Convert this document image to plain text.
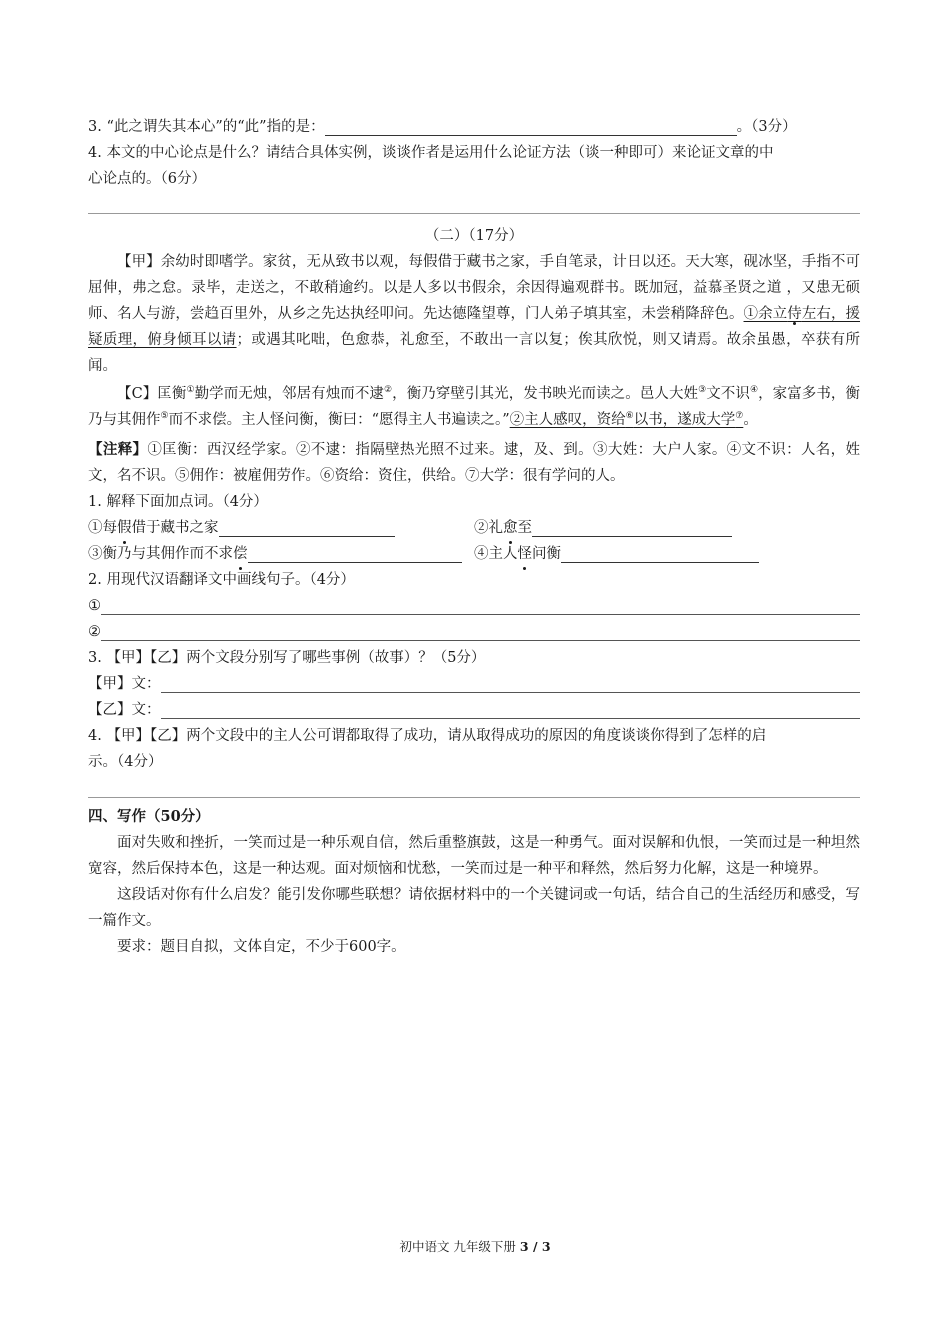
3. “此之谓失其本心”的“此”指的是：	。（3分）
4. 本文的中心论点是什么？请结合具体实例，谈谈作者是运用什么论证方法（谈一种即可）来论证文章的中
心论点的。（6分）
（二）（17分）
【甲】余幼时即嗜学。家贫，无从致书以观，每假借于藏书之家，手自笔录，计日以还。天大寒，砚冰坚，手指不可屈伸，弗之怠。录毕，走送之，不敢稍逾约。以是人多以书假余，余因得遍观群书。既加冠，益慕圣贤之道 ，又患无硕师、名人与游，尝趋百里外，从乡之先达执经叩问。先达德隆望尊，门人弟子填其室，未尝稍降辞色。①余立侍左右，援疑质理，俯身倾耳以请；或遇其叱咄，色愈恭，礼愈至，不敢出一言以复；俟其欣悦，则又请焉。故余虽愚，卒获有所闻。
【C】匡衡①勤学而无烛，邻居有烛而不逮②，衡乃穿壁引其光，发书映光而读之。邑人大姓③文不识④，家富多书，衡乃与其佣作⑤而不求偿。主人怪问衡，衡曰：“愿得主人书遍读之。”②主人感叹，资给⑥以书，遂成大学⑦。
【注释】①匡衡：西汉经学家。②不逮：指隔壁热光照不过来。逮，及、到。③大姓：大户人家。④文不识：人名，姓文，名不识。⑤佣作：被雇佣劳作。⑥资给：资住，供给。⑦大学：很有学问的人。
1. 解释下面加点词。（4分）
①每 假 借于藏书之家	②礼 愈 至
③衡乃与其佣作而不求 偿	④主人 怪 问衡
2. 用现代汉语翻译文中画线句子。（4分）
①
②
3. 【甲】【乙】两个文段分别写了哪些事例（故事）？（5分）
【甲】文：
【乙】文：
4. 【甲】【乙】两个文段中的主人公可谓都取得了成功，请从取得成功的原因的角度谈谈你得到了怎样的启
示。（4分）
四、写作（50分）
面对失败和挫折，一笑而过是一种乐观自信，然后重整旗鼓，这是一种勇气。面对误解和仇恨，一笑而过是一种坦然宽容，然后保持本色，这是一种达观。面对烦恼和忧愁，一笑而过是一种平和释然，然后努力化解，这是一种境界。
这段话对你有什么启发？能引发你哪些联想？请依据材料中的一个关键词或一句话，结合自己的生活经历和感受，写一篇作文。
要求：题目自拟，文体自定，不少于600字。
初中语文 九年级下册 3 / 3
